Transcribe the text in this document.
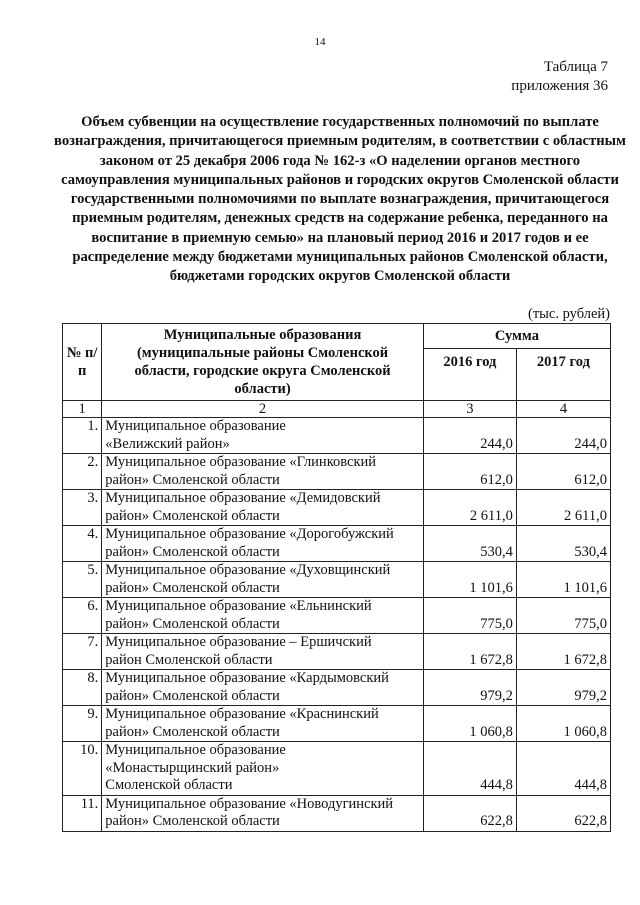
14
Таблица 7
приложения 36
Объем субвенции на осуществление государственных полномочий по выплате вознаграждения, причитающегося приемным родителям, в соответствии с областным законом от 25 декабря 2006 года № 162-з «О наделении органов местного самоуправления муниципальных районов и городских округов Смоленской области государственными полномочиями по выплате вознаграждения, причитающегося приемным родителям, денежных средств на содержание ребенка, переданного на воспитание в приемную семью» на плановый период 2016 и 2017 годов и ее распределение между бюджетами муниципальных районов Смоленской области, бюджетами городских округов Смоленской области
(тыс. рублей)
№ п/п	Муниципальные образования (муниципальные районы Смоленской области, городские округа Смоленской области)	Сумма	
		2016 год	2017 год
1	2	3	4
1.	Муниципальное образование «Велижский район»	244,0	244,0
2.	Муниципальное образование «Глинковский район» Смоленской области	612,0	612,0
3.	Муниципальное образование «Демидовский район» Смоленской области	2 611,0	2 611,0
4.	Муниципальное образование «Дорогобужский район» Смоленской области	530,4	530,4
5.	Муниципальное образование «Духовщинский район» Смоленской области	1 101,6	1 101,6
6.	Муниципальное образование «Ельнинский район» Смоленской области	775,0	775,0
7.	Муниципальное образование – Ершичский район Смоленской области	1 672,8	1 672,8
8.	Муниципальное образование «Кардымовский район» Смоленской области	979,2	979,2
9.	Муниципальное образование «Краснинский район» Смоленской области	1 060,8	1 060,8
10.	Муниципальное образование «Монастырщинский район» Смоленской области	444,8	444,8
11.	Муниципальное образование «Новодугинский район» Смоленской области	622,8	622,8
